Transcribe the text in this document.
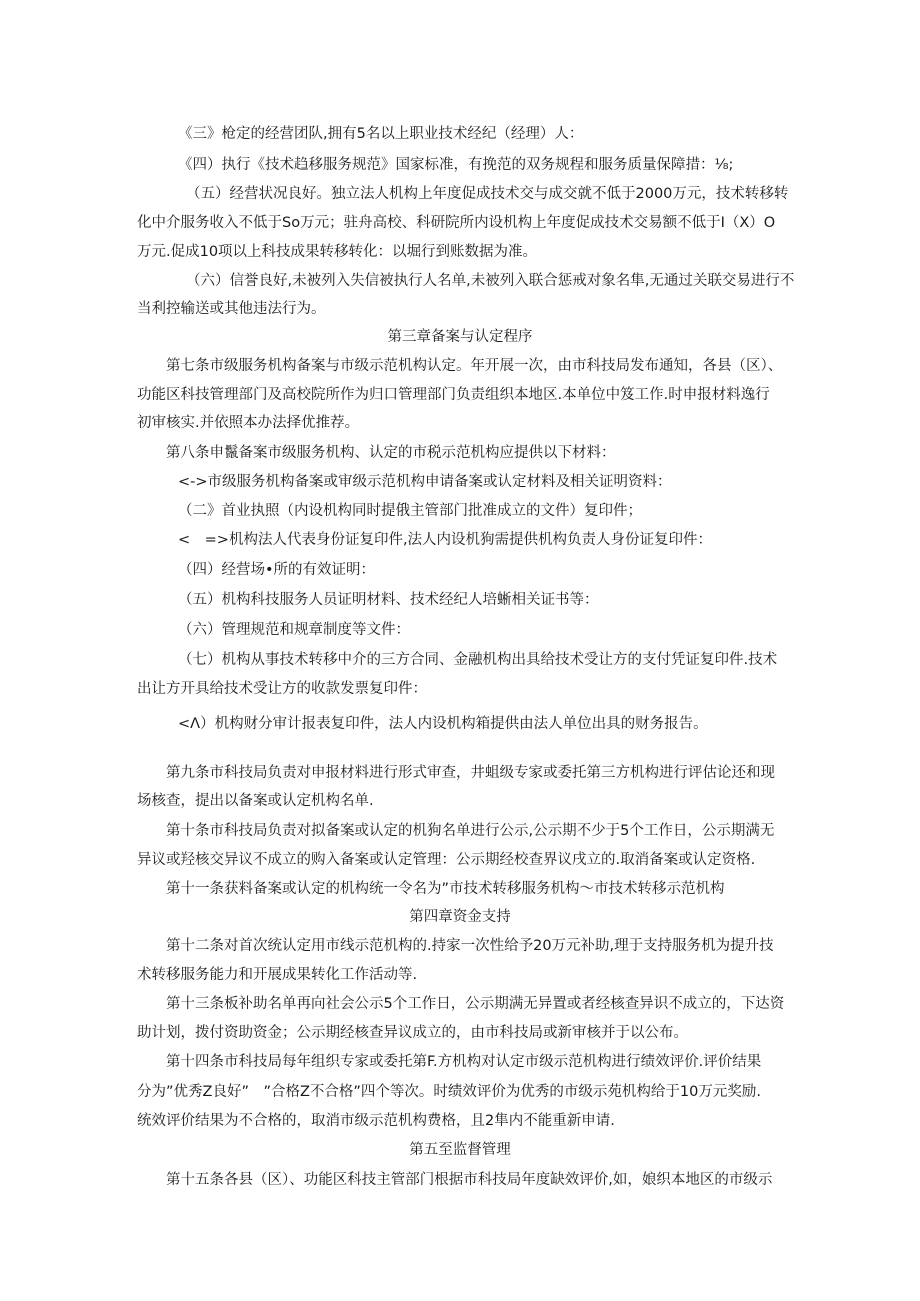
《三》枪定的经营团队,拥有5名以上职业技术经纪（经理）人：
《四）执行《技术趋移服务规范》国家标准，有挽范的双务规程和服务质量保障措：⅛;
（五）经营状况良好。独立法人机构上年度促成技术交与成交就不低于2000万元，技术转移转
化中介服务收入不低于So万元；驻舟高校、科研院所内设机构上年度促成技术交易额不低于I（X）O
万元.促成10项以上科技成果转移转化：以堀行到账数据为准。
（六）信誉良好,未被列入失信被执行人名单,未被列入联合惩戒对象名隼,无通过关联交易进行不
当利控输送或其他违法行为。
第三章备案与认定程序
第七条市级服务机构备案与市级示范机构认定。年开展一次，由市科技局发布通知，各县（区）、
功能区科技管理部门及高校院所作为归口管理部门负责组织本地区.本单位中笈工作.时申报材料逸行
初审核实.并依照本办法择优推荐。
第八条申鬣备案市级服务机构、认定的市税示范机构应提供以下材料：
<->市级服务机构备案或审级示范机构申请备案或认定材料及相关证明资料：
（二》首业执照（内设机构同时提俄主管部门批准成立的文件）复印件；
<　=>机构法人代表身份证复印件,法人内设机狗需提供机构负责人身份证复印件：
（四）经营场•所的有效证明：
（五）机构科技服务人员证明材料、技术经纪人培蜥相关证书等：
（六）管理规范和规章制度等文件：
（七）机构从事技术转移中介的三方合同、金融机构出具给技术受让方的支付凭证复印件.技术
出让方开具给技术受让方的收款发票复印件：
<Λ）机构财分审计报表复印件，法人内设机构箱提供由法人单位出具的财务报告。
第九条市科技局负责对申报材料进行形式审查，井蛆级专家或委托第三方机构进行评估论还和现
场核查，提出以备案或认定机构名单.
第十条市科技局负责对拟备案或认定的机狗名单进行公示,公示期不少于5个工作日，公示期满无
异议或羟核交异议不成立的购入备案或认定管理：公示期经校查界议戌立的.取消备案或认定资格.
第十一条获料备案或认定的机构统一令名为”市技术转移服务机构〜市技术转移示范机构
第四章资金支持
第十二条对首次统认定用市线示范机构的.持家一次性给予20万元补助,理于支持服务机为提升技
术转移服务能力和开展成果转化工作活动等.
第十三条板补助名单再向社会公示5个工作日，公示期满无异置或者经核查异识不成立的，下达资
助计划，拨付资助资金；公示期经核查异议成立的，由市科技局或新审核并于以公布。
第十四条市科技局每年组织专家或委托第F.方机构对认定市级示范机构进行绩效评价.评价结果
分为”优秀Z良好”　”合格Z不合格”四个等次。时绩效评价为优秀的市级示苑机构给于10万元奖励.
统效评价结果为不合格的，取消市级示范机构费格，且2隼内不能重新申请.
第五至监督管理
第十五条各县（区）、功能区科技主管部门根据市科技局年度缺效评价,如，娘织本地区的市级示
